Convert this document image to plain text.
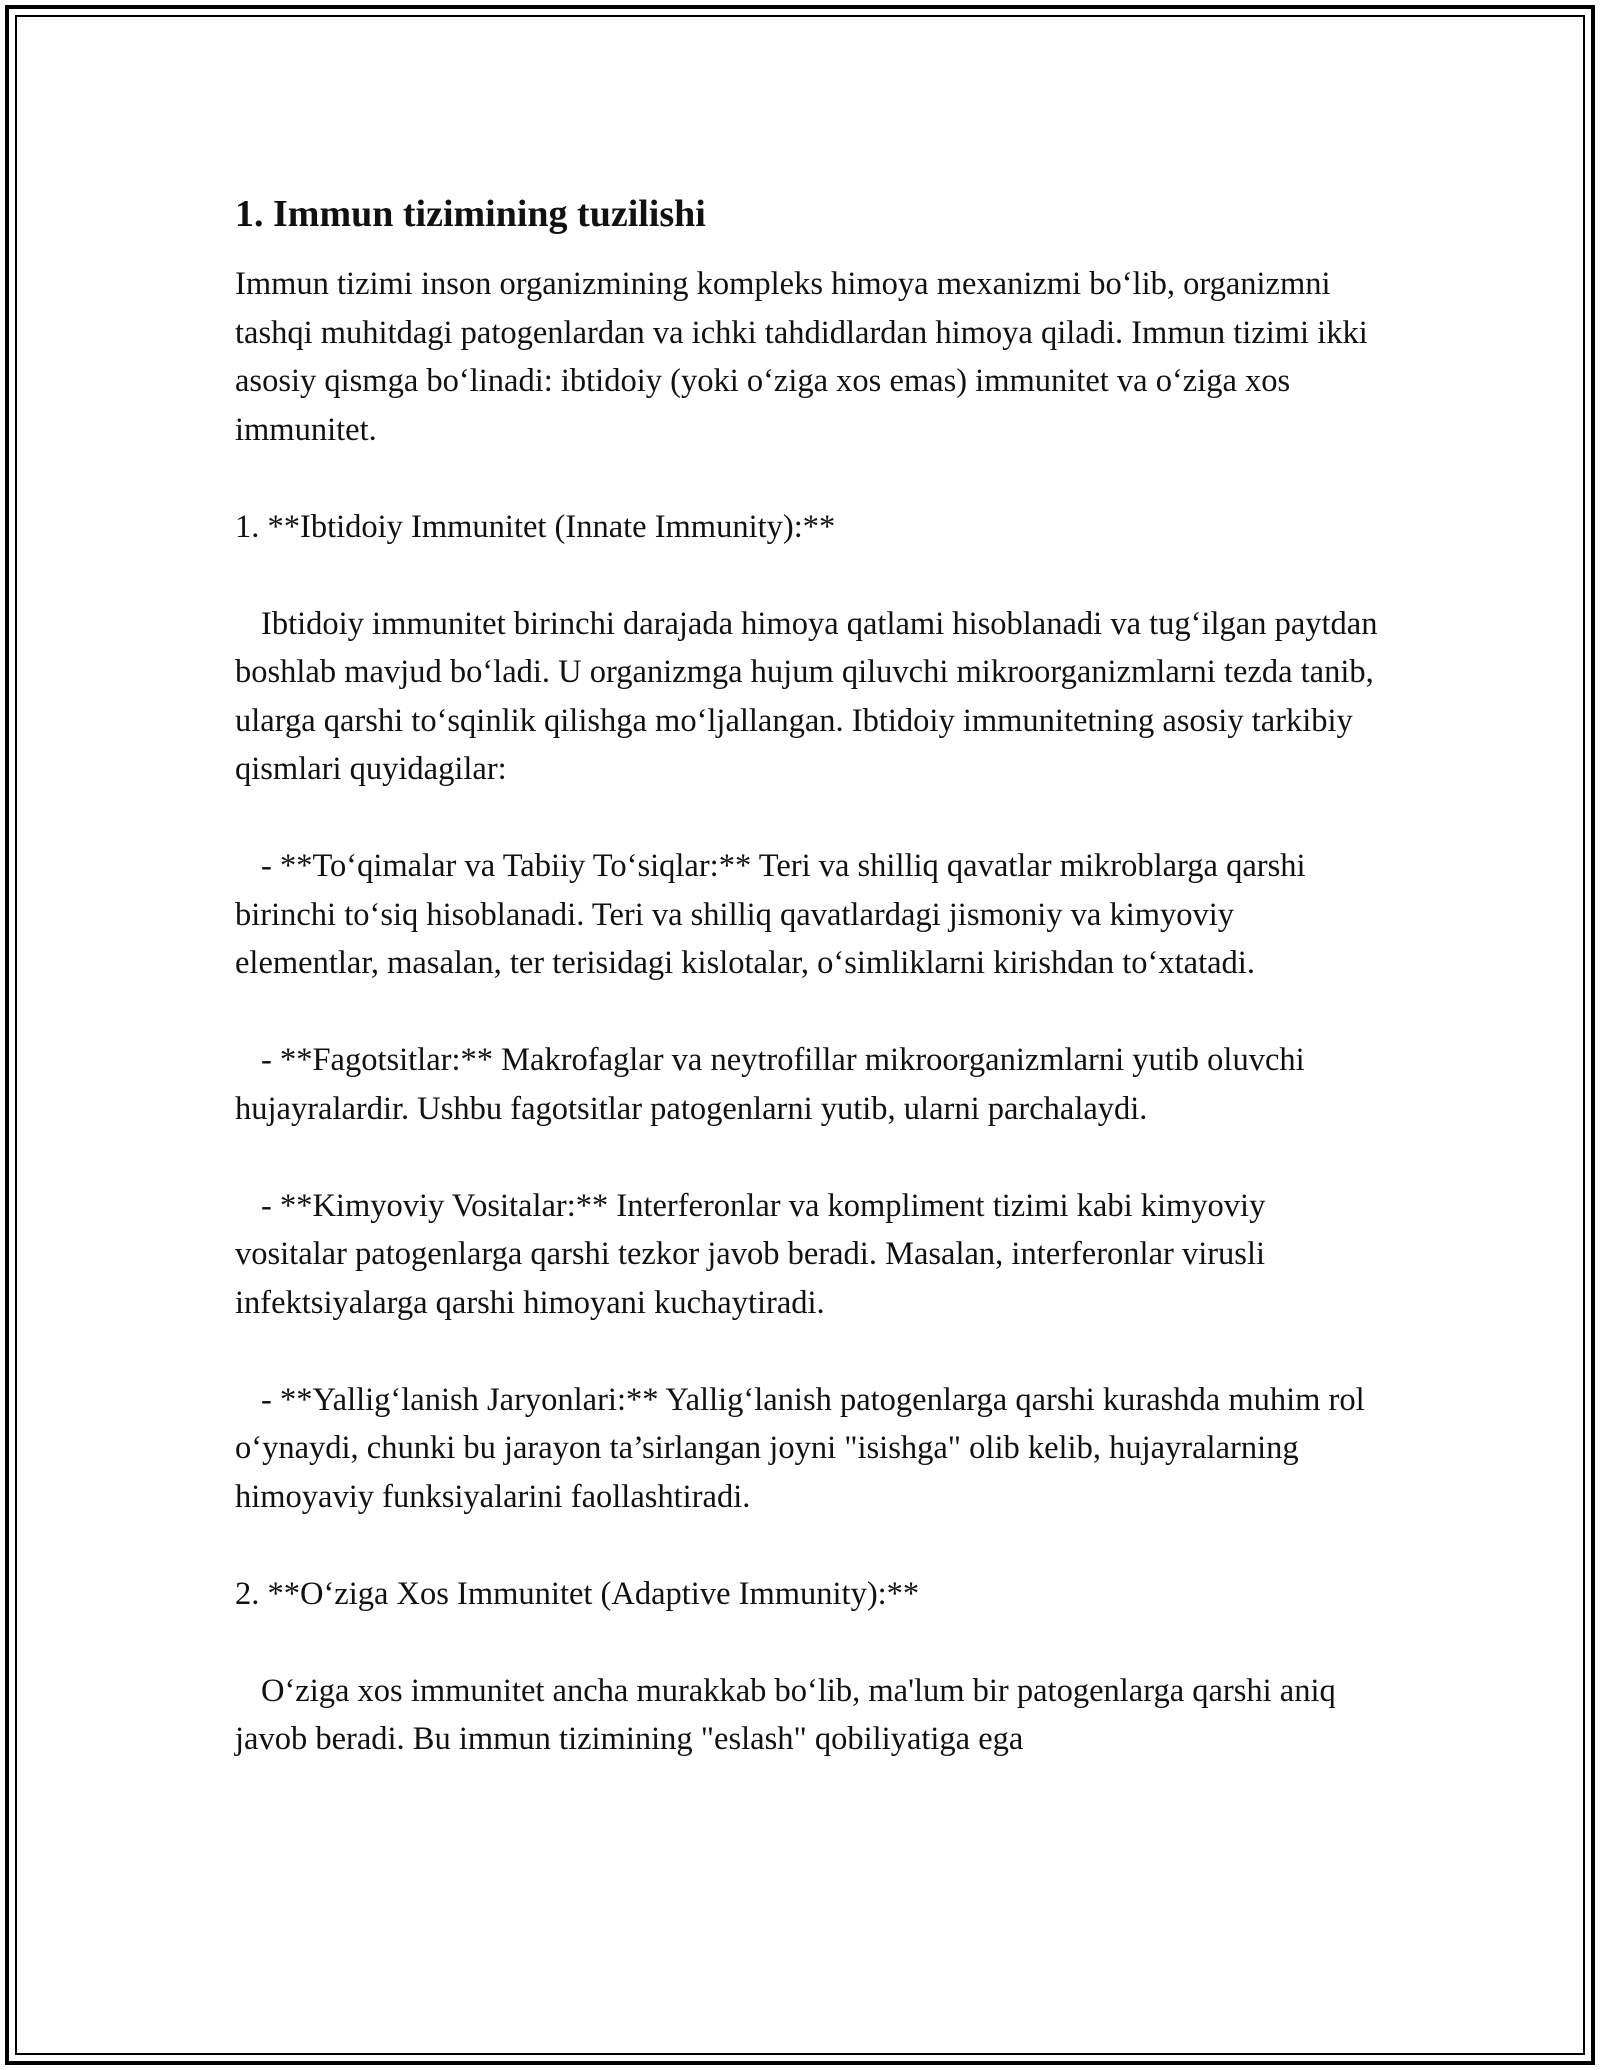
1. Immun tizimining tuzilishi
Immun tizimi inson organizmining kompleks himoya mexanizmi bo‘lib, organizmni tashqi muhitdagi patogenlardan va ichki tahdidlardan himoya qiladi. Immun tizimi ikki asosiy qismga bo‘linadi: ibtidoiy (yoki o‘ziga xos emas) immunitet va o‘ziga xos immunitet.
1. **Ibtidoiy Immunitet (Innate Immunity):**
Ibtidoiy immunitet birinchi darajada himoya qatlami hisoblanadi va tug‘ilgan paytdan boshlab mavjud bo‘ladi. U organizmga hujum qiluvchi mikroorganizmlarni tezda tanib, ularga qarshi to‘sqinlik qilishga mo‘ljallangan. Ibtidoiy immunitetning asosiy tarkibiy qismlari quyidagilar:
- **To‘qimalar va Tabiiy To‘siqlar:** Teri va shilliq qavatlar mikroblarga qarshi birinchi to‘siq hisoblanadi. Teri va shilliq qavatlardagi jismoniy va kimyoviy elementlar, masalan, ter terisidagi kislotalar, o‘simliklarni kirishdan to‘xtatadi.
- **Fagotsitlar:** Makrofaglar va neytrofillar mikroorganizmlarni yutib oluvchi hujayralardir. Ushbu fagotsitlar patogenlarni yutib, ularni parchalaydi.
- **Kimyoviy Vositalar:** Interferonlar va kompliment tizimi kabi kimyoviy vositalar patogenlarga qarshi tezkor javob beradi. Masalan, interferonlar virusli infektsiyalarga qarshi himoyani kuchaytiradi.
- **Yallig‘lanish Jaryonlari:** Yallig‘lanish patogenlarga qarshi kurashda muhim rol o‘ynaydi, chunki bu jarayon ta’sirlangan joyni "isishga" olib kelib, hujayralarning himoyaviy funksiyalarini faollashtiradi.
2. **O‘ziga Xos Immunitet (Adaptive Immunity):**
O‘ziga xos immunitet ancha murakkab bo‘lib, ma'lum bir patogenlarga qarshi aniq javob beradi. Bu immun tizimining "eslash" qobiliyatiga ega
